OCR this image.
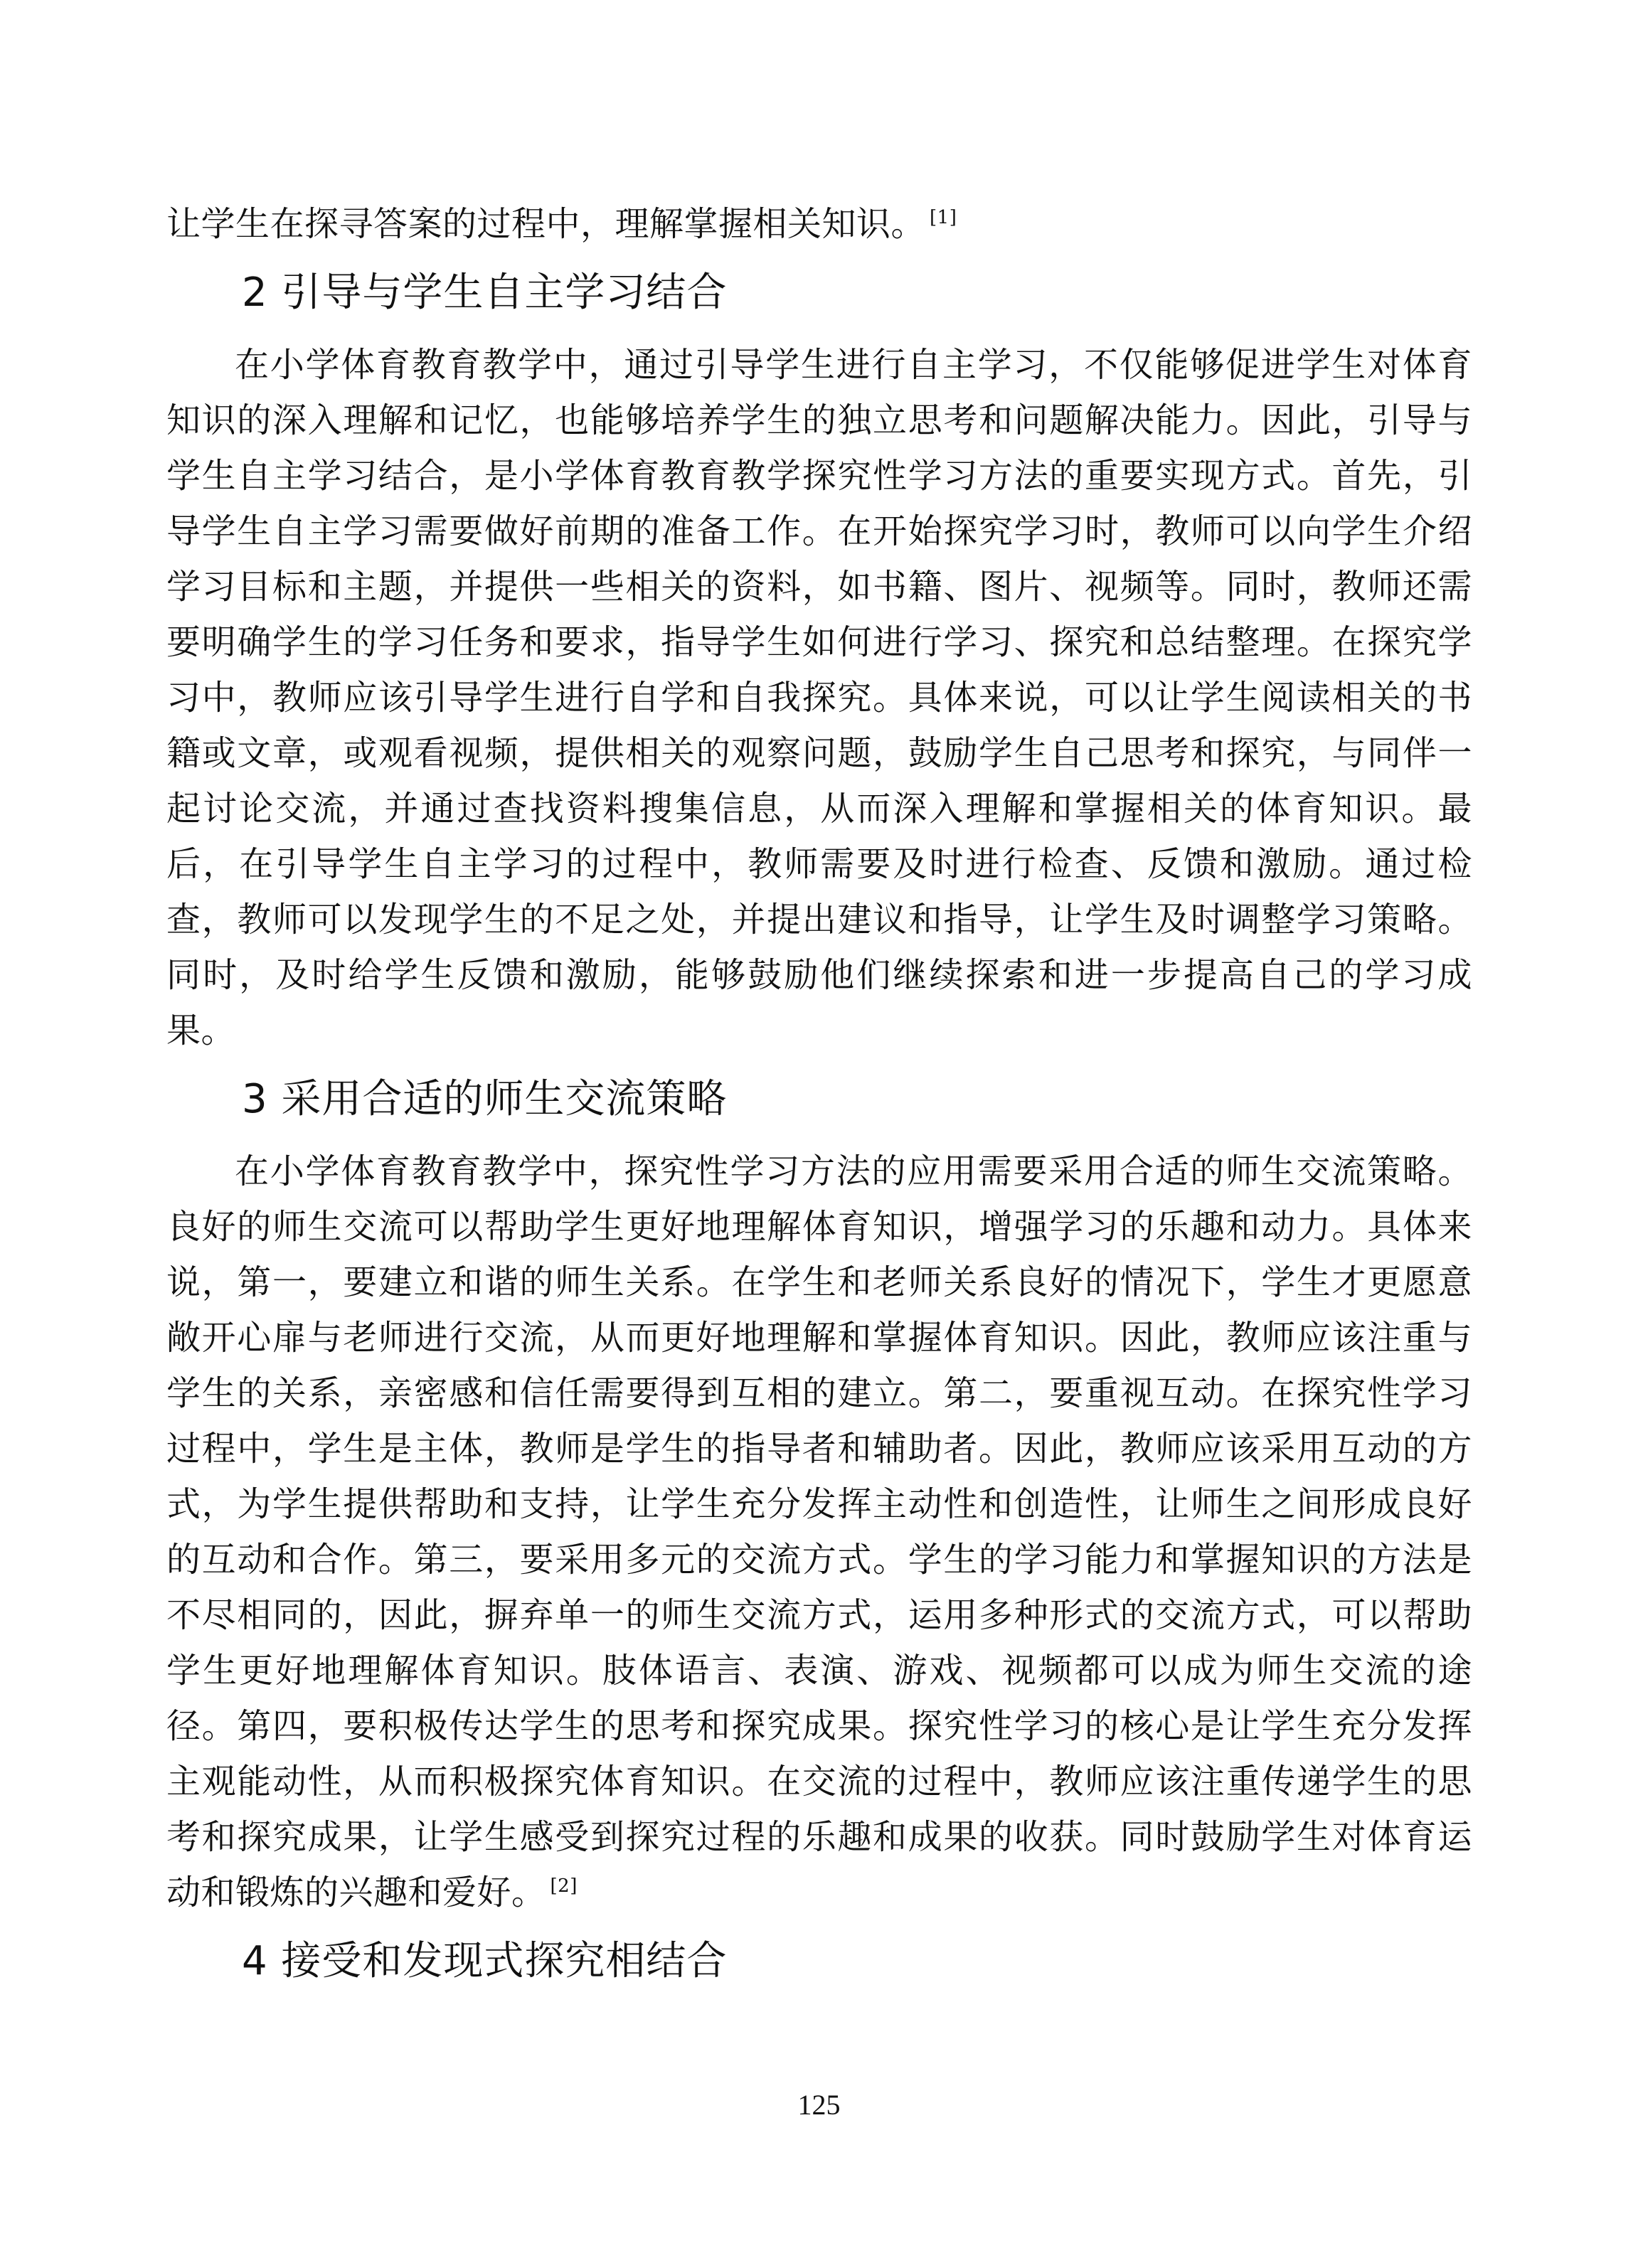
让学生在探寻答案的过程中，理解掌握相关知识。 [1]

2 引导与学生自主学习结合

在小学体育教育教学中，通过引导学生进行自主学习，不仅能够促进学生对体育知识的深入理解和记忆，也能够培养学生的独立思考和问题解决能力。因此，引导与学生自主学习结合，是小学体育教育教学探究性学习方法的重要实现方式。首先，引导学生自主学习需要做好前期的准备工作。在开始探究学习时，教师可以向学生介绍学习目标和主题，并提供一些相关的资料，如书籍、图片、视频等。同时，教师还需要明确学生的学习任务和要求，指导学生如何进行学习、探究和总结整理。在探究学习中，教师应该引导学生进行自学和自我探究。具体来说，可以让学生阅读相关的书籍或文章，或观看视频，提供相关的观察问题，鼓励学生自己思考和探究，与同伴一起讨论交流，并通过查找资料搜集信息，从而深入理解和掌握相关的体育知识。最后，在引导学生自主学习的过程中，教师需要及时进行检查、反馈和激励。通过检查，教师可以发现学生的不足之处，并提出建议和指导，让学生及时调整学习策略。同时，及时给学生反馈和激励，能够鼓励他们继续探索和进一步提高自己的学习成果。

3 采用合适的师生交流策略

在小学体育教育教学中，探究性学习方法的应用需要采用合适的师生交流策略。良好的师生交流可以帮助学生更好地理解体育知识，增强学习的乐趣和动力。具体来说，第一，要建立和谐的师生关系。在学生和老师关系良好的情况下，学生才更愿意敞开心扉与老师进行交流，从而更好地理解和掌握体育知识。因此，教师应该注重与学生的关系，亲密感和信任需要得到互相的建立。第二，要重视互动。在探究性学习过程中，学生是主体，教师是学生的指导者和辅助者。因此，教师应该采用互动的方式，为学生提供帮助和支持，让学生充分发挥主动性和创造性，让师生之间形成良好的互动和合作。第三，要采用多元的交流方式。学生的学习能力和掌握知识的方法是不尽相同的，因此，摒弃单一的师生交流方式，运用多种形式的交流方式，可以帮助学生更好地理解体育知识。肢体语言、表演、游戏、视频都可以成为师生交流的途径。第四，要积极传达学生的思考和探究成果。探究性学习的核心是让学生充分发挥主观能动性，从而积极探究体育知识。在交流的过程中，教师应该注重传递学生的思考和探究成果，让学生感受到探究过程的乐趣和成果的收获。同时鼓励学生对体育运动和锻炼的兴趣和爱好。 [2]

4 接受和发现式探究相结合
125
